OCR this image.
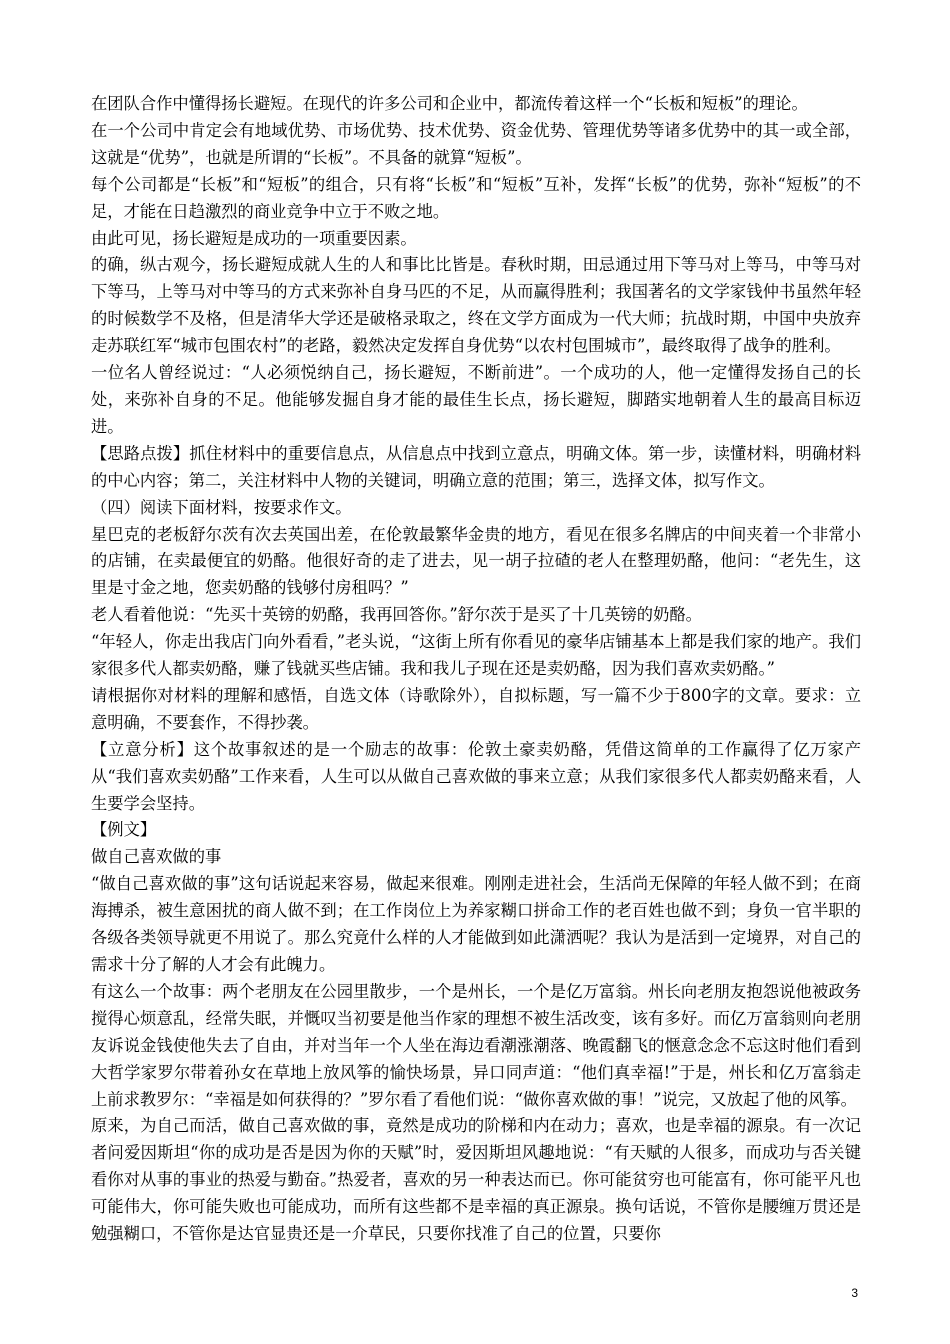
在团队合作中懂得扬长避短。在现代的许多公司和企业中，都流传着这样一个“长板和短板”的理论。

在一个公司中肯定会有地域优势、市场优势、技术优势、资金优势、管理优势等诸多优势中的其一或全部，这就是“优势”，也就是所谓的“长板”。不具备的就算“短板”。

每个公司都是“长板”和“短板”的组合，只有将“长板”和“短板”互补，发挥“长板”的优势，弥补“短板”的不足，才能在日趋激烈的商业竞争中立于不败之地。

由此可见，扬长避短是成功的一项重要因素。

的确，纵古观今，扬长避短成就人生的人和事比比皆是。春秋时期，田忌通过用下等马对上等马，中等马对下等马，上等马对中等马的方式来弥补自身马匹的不足，从而赢得胜利；我国著名的文学家钱仲书虽然年轻的时候数学不及格，但是清华大学还是破格录取之，终在文学方面成为一代大师；抗战时期，中国中央放弃走苏联红军“城市包围农村”的老路，毅然决定发挥自身优势“以农村包围城市”，最终取得了战争的胜利。

一位名人曾经说过：“人必须悦纳自己，扬长避短，不断前进”。一个成功的人，他一定懂得发扬自己的长处，来弥补自身的不足。他能够发掘自身才能的最佳生长点，扬长避短，脚踏实地朝着人生的最高目标迈进。

【思路点拨】抓住材料中的重要信息点，从信息点中找到立意点，明确文体。第一步，读懂材料，明确材料的中心内容；第二，关注材料中人物的关键词，明确立意的范围；第三，选择文体，拟写作文。

（四）阅读下面材料，按要求作文。

星巴克的老板舒尔茨有次去英国出差，在伦敦最繁华金贵的地方，看见在很多名牌店的中间夹着一个非常小的店铺，在卖最便宜的奶酪。他很好奇的走了进去，见一胡子拉碴的老人在整理奶酪，他问：“老先生，这里是寸金之地，您卖奶酪的钱够付房租吗？”

老人看着他说：“先买十英镑的奶酪，我再回答你。”舒尔茨于是买了十几英镑的奶酪。

“年轻人，你走出我店门向外看看，”老头说，“这街上所有你看见的豪华店铺基本上都是我们家的地产。我们家很多代人都卖奶酪，赚了钱就买些店铺。我和我儿子现在还是卖奶酪，因为我们喜欢卖奶酪。”

请根据你对材料的理解和感悟，自选文体（诗歌除外），自拟标题，写一篇不少于800字的文章。要求：立意明确，不要套作，不得抄袭。

【立意分析】这个故事叙述的是一个励志的故事：伦敦土豪卖奶酪，凭借这简单的工作赢得了亿万家产从“我们喜欢卖奶酪”工作来看，人生可以从做自己喜欢做的事来立意；从我们家很多代人都卖奶酪来看，人生要学会坚持。

【例文】

做自己喜欢做的事

“做自己喜欢做的事”这句话说起来容易，做起来很难。刚刚走进社会，生活尚无保障的年轻人做不到；在商海搏杀，被生意困扰的商人做不到；在工作岗位上为养家糊口拼命工作的老百姓也做不到；身负一官半职的各级各类领导就更不用说了。那么究竟什么样的人才能做到如此潇洒呢？我认为是活到一定境界，对自己的需求十分了解的人才会有此魄力。

有这么一个故事：两个老朋友在公园里散步，一个是州长，一个是亿万富翁。州长向老朋友抱怨说他被政务搅得心烦意乱，经常失眠，并慨叹当初要是他当作家的理想不被生活改变，该有多好。而亿万富翁则向老朋友诉说金钱使他失去了自由，并对当年一个人坐在海边看潮涨潮落、晚霞翻飞的惬意念念不忘这时他们看到大哲学家罗尔带着孙女在草地上放风筝的愉快场景，异口同声道：“他们真幸福!”于是，州长和亿万富翁走上前求教罗尔：“幸福是如何获得的？”罗尔看了看他们说：“做你喜欢做的事！”说完，又放起了他的风筝。

原来，为自己而活，做自己喜欢做的事，竟然是成功的阶梯和内在动力；喜欢，也是幸福的源泉。有一次记者问爱因斯坦“你的成功是否是因为你的天赋”时，爱因斯坦风趣地说：“有天赋的人很多，而成功与否关键看你对从事的事业的热爱与勤奋。”热爱者，喜欢的另一种表达而已。你可能贫穷也可能富有，你可能平凡也可能伟大，你可能失败也可能成功，而所有这些都不是幸福的真正源泉。换句话说，不管你是腰缠万贯还是勉强糊口，不管你是达官显贵还是一介草民，只要你找准了自己的位置，只要你

3
